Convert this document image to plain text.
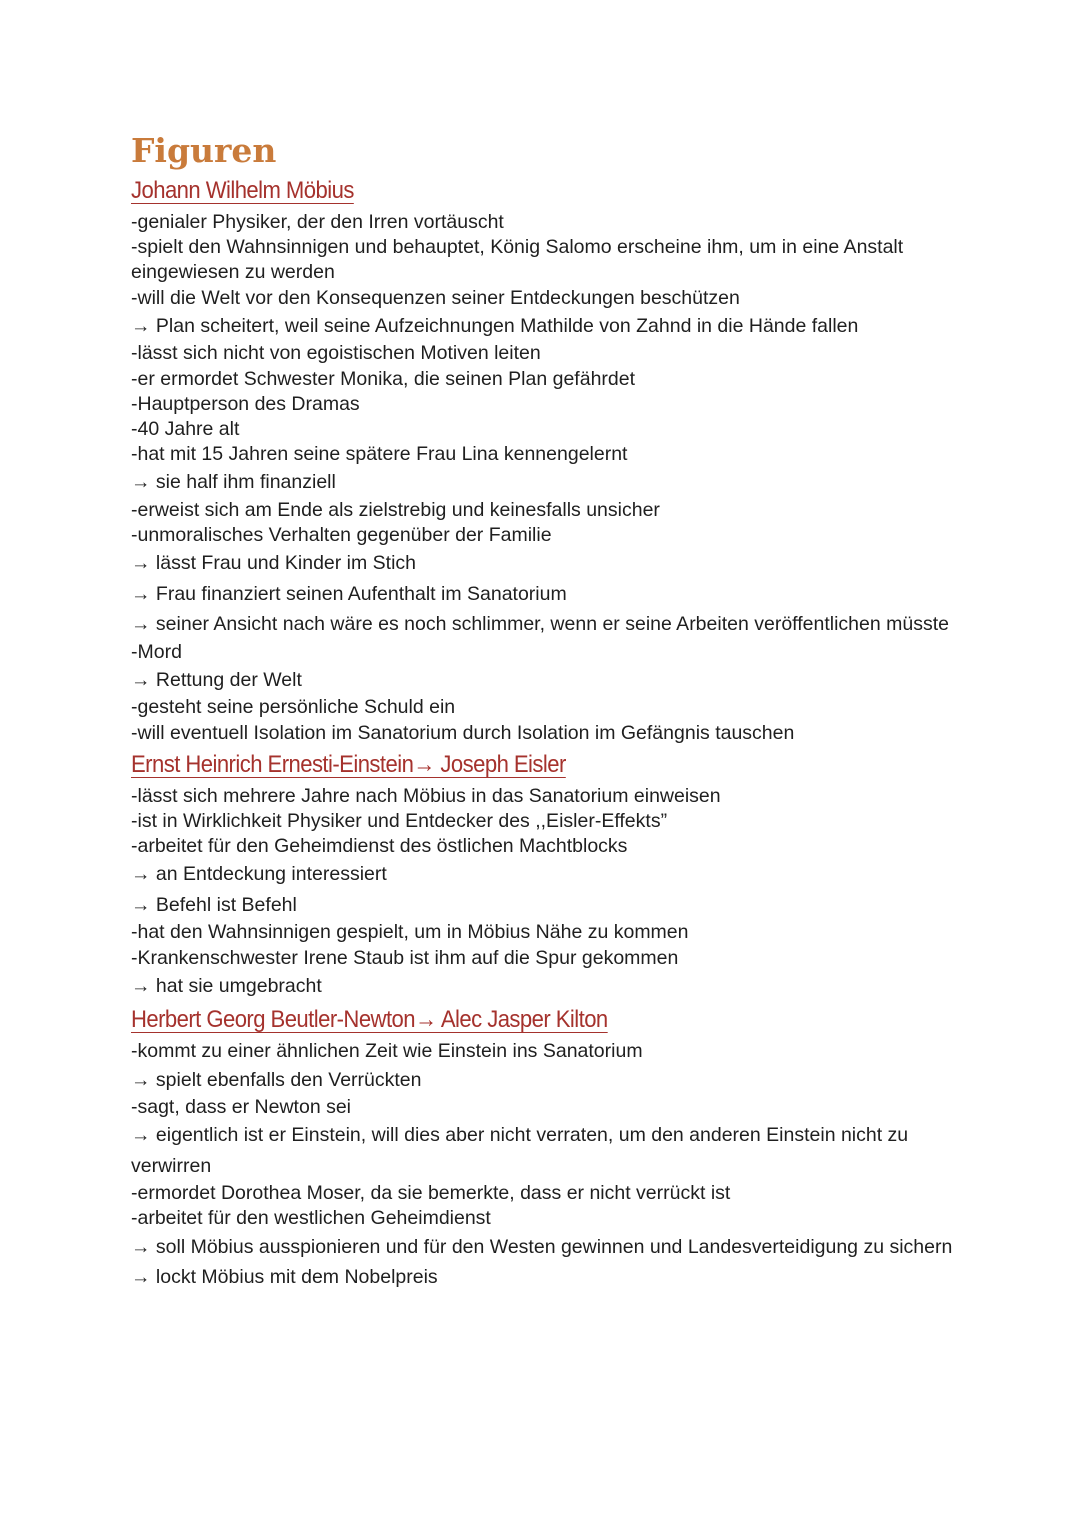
Figuren
Johann Wilhelm Möbius

-genialer Physiker, der den Irren vortäuscht

-spielt den Wahnsinnigen und behauptet, König Salomo erscheine ihm, um in eine Anstalt eingewiesen zu werden

-will die Welt vor den Konsequenzen seiner Entdeckungen beschützen

→ Plan scheitert, weil seine Aufzeichnungen Mathilde von Zahnd in die Hände fallen

-lässt sich nicht von egoistischen Motiven leiten

-er ermordet Schwester Monika, die seinen Plan gefährdet

-Hauptperson des Dramas

-40 Jahre alt

-hat mit 15 Jahren seine spätere Frau Lina kennengelernt

→ sie half ihm finanziell

-erweist sich am Ende als zielstrebig und keinesfalls unsicher

-unmoralisches Verhalten gegenüber der Familie

→ lässt Frau und Kinder im Stich

→ Frau finanziert seinen Aufenthalt im Sanatorium

→ seiner Ansicht nach wäre es noch schlimmer, wenn er seine Arbeiten veröffentlichen müsste

-Mord

→ Rettung der Welt

-gesteht seine persönliche Schuld ein

-will eventuell Isolation im Sanatorium durch Isolation im Gefängnis tauschen

Ernst Heinrich Ernesti-Einstein→ Joseph Eisler

-lässt sich mehrere Jahre nach Möbius in das Sanatorium einweisen

-ist in Wirklichkeit Physiker und Entdecker des ,,Eisler-Effekts”

-arbeitet für den Geheimdienst des östlichen Machtblocks

→ an Entdeckung interessiert

→ Befehl ist Befehl

-hat den Wahnsinnigen gespielt, um in Möbius Nähe zu kommen

-Krankenschwester Irene Staub ist ihm auf die Spur gekommen

→ hat sie umgebracht

Herbert Georg Beutler-Newton→ Alec Jasper Kilton

-kommt zu einer ähnlichen Zeit wie Einstein ins Sanatorium

→ spielt ebenfalls den Verrückten

-sagt, dass er Newton sei

→ eigentlich ist er Einstein, will dies aber nicht verraten, um den anderen Einstein nicht zu verwirren

-ermordet Dorothea Moser, da sie bemerkte, dass er nicht verrückt ist

-arbeitet für den westlichen Geheimdienst

→ soll Möbius ausspionieren und für den Westen gewinnen und Landesverteidigung zu sichern

→ lockt Möbius mit dem Nobelpreis
